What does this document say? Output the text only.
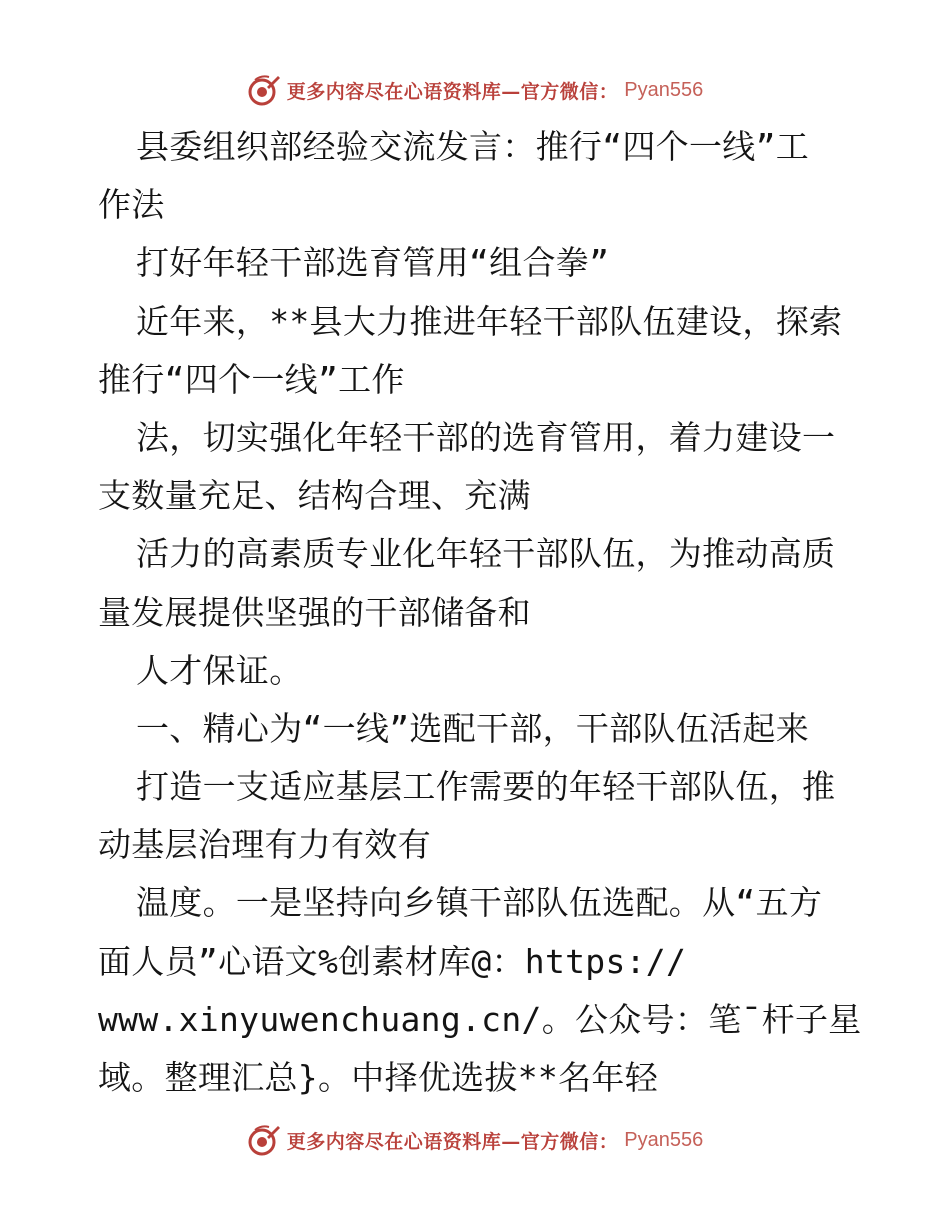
更多内容尽在心语资料库—官方微信： Pyan556
县委组织部经验交流发言：推行“四个一线”工
作法
打好年轻干部选育管用“组合拳”
近年来，**县大力推进年轻干部队伍建设，探索
推行“四个一线”工作
法，切实强化年轻干部的选育管用，着力建设一
支数量充足、结构合理、充满
活力的高素质专业化年轻干部队伍，为推动高质
量发展提供坚强的干部储备和
人才保证。
一、精心为“一线”选配干部，干部队伍活起来
打造一支适应基层工作需要的年轻干部队伍，推
动基层治理有力有效有
温度。一是坚持向乡镇干部队伍选配。从“五方
面人员”心语文%创素材库@：https://
www.xinyuwenchuang.cn/。公众号：笔¯杆子星
域。整理汇总}。中择优选拔**名年轻
更多内容尽在心语资料库—官方微信： Pyan556
